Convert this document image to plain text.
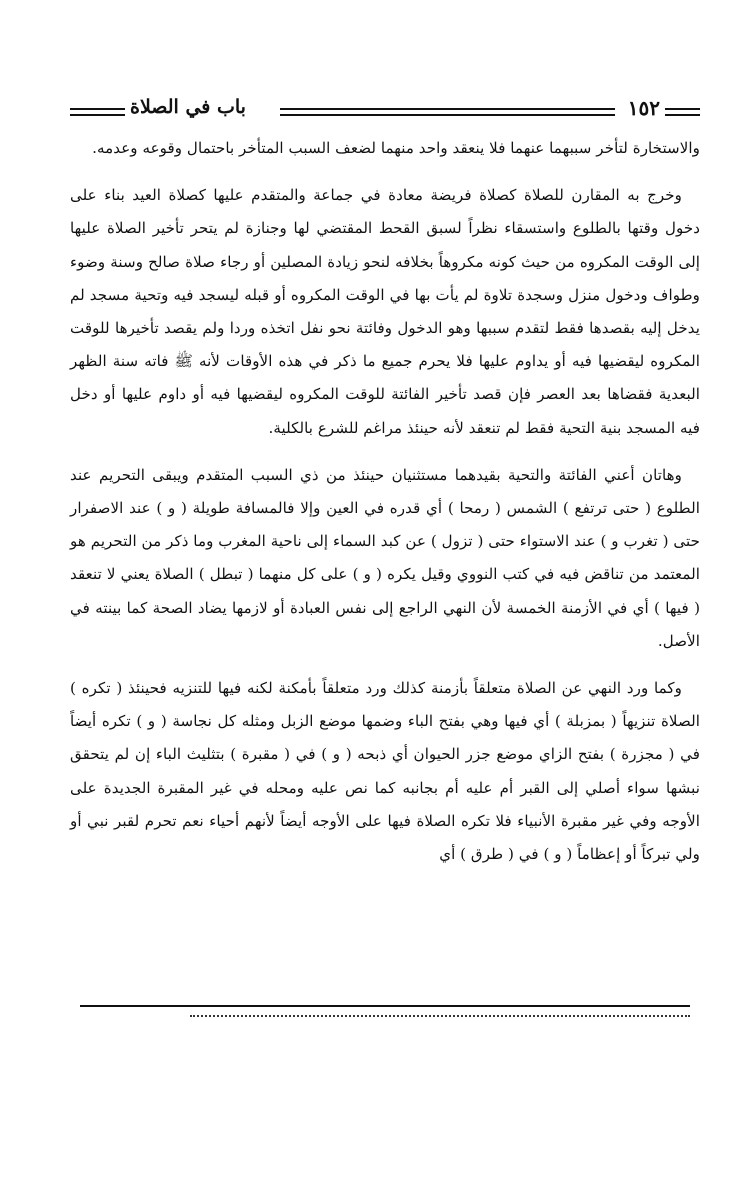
باب في الصلاة	١٥٢

والاستخارة لتأخر سببهما عنهما فلا ينعقد واحد منهما لضعف السبب المتأخر باحتمال وقوعه وعدمه.

وخرج به المقارن للصلاة كصلاة فريضة معادة في جماعة والمتقدم عليها كصلاة العيد بناء على دخول وقتها بالطلوع واستسقاء نظراً لسبق القحط المقتضي لها وجنازة لم يتحر تأخير الصلاة عليها إلى الوقت المكروه من حيث كونه مكروهاً بخلافه لنحو زيادة المصلين أو رجاء صلاة صالح وسنة وضوء وطواف ودخول منزل وسجدة تلاوة لم يأت بها في الوقت المكروه أو قبله ليسجد فيه وتحية مسجد لم يدخل إليه بقصدها فقط لتقدم سببها وهو الدخول وفائتة نحو نفل اتخذه وردا ولم يقصد تأخيرها للوقت المكروه ليقضيها فيه أو يداوم عليها فلا يحرم جميع ما ذكر في هذه الأوقات لأنه ﷺ فاته سنة الظهر البعدية فقضاها بعد العصر فإن قصد تأخير الفائتة للوقت المكروه ليقضيها فيه أو داوم عليها أو دخل فيه المسجد بنية التحية فقط لم تنعقد لأنه حينئذ مراغم للشرع بالكلية.

وهاتان أعني الفائتة والتحية بقيدهما مستثنيان حينئذ من ذي السبب المتقدم ويبقى التحريم عند الطلوع ( حتى ترتفع ) الشمس ( رمحا ) أي قدره في العين وإلا فالمسافة طويلة ( و ) عند الاصفرار حتى ( تغرب و ) عند الاستواء حتى ( تزول ) عن كبد السماء إلى ناحية المغرب وما ذكر من التحريم هو المعتمد من تناقض فيه في كتب النووي وقيل يكره ( و ) على كل منهما ( تبطل ) الصلاة يعني لا تنعقد ( فيها ) أي في الأزمنة الخمسة لأن النهي الراجع إلى نفس العبادة أو لازمها يضاد الصحة كما بينته في الأصل.

وكما ورد النهي عن الصلاة متعلقاً بأزمنة كذلك ورد متعلقاً بأمكنة لكنه فيها للتنزيه فحينئذ ( تكره ) الصلاة تنزيهاً ( بمزبلة ) أي فيها وهي بفتح الباء وضمها موضع الزبل ومثله كل نجاسة ( و ) تكره أيضاً في ( مجزرة ) بفتح الزاي موضع جزر الحيوان أي ذبحه ( و ) في ( مقبرة ) بتثليث الباء إن لم يتحقق نبشها سواء أصلي إلى القبر أم عليه أم بجانبه كما نص عليه ومحله في غير المقبرة الجديدة على الأوجه وفي غير مقبرة الأنبياء فلا تكره الصلاة فيها على الأوجه أيضاً لأنهم أحياء نعم تحرم لقبر نبي أو ولي تبركاً أو إعظاماً ( و ) في ( طرق ) أي
